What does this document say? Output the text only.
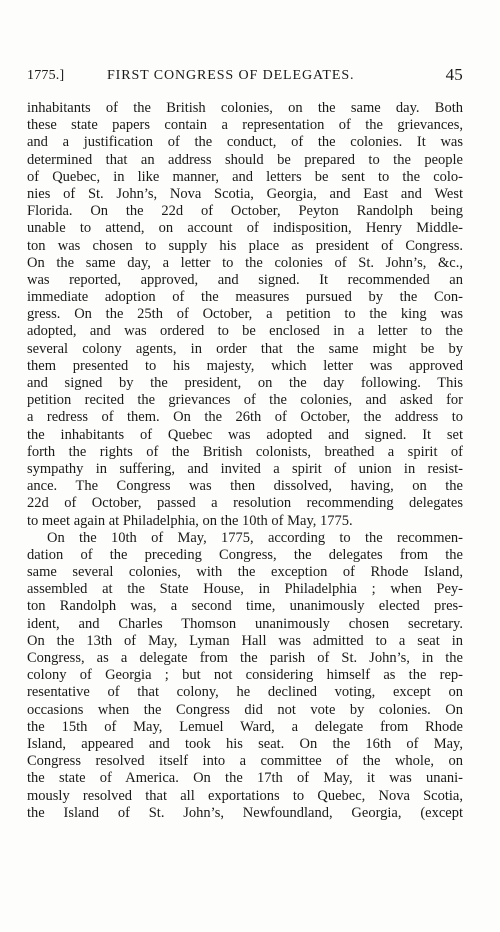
1775.]	FIRST CONGRESS OF DELEGATES.	45
inhabitants of the British colonies, on the same day. Both
these state papers contain a representation of the grievances,
and a justification of the conduct, of the colonies. It was
determined that an address should be prepared to the people
of Quebec, in like manner, and letters be sent to the colo-
nies of St. John’s, Nova Scotia, Georgia, and East and West
Florida. On the 22d of October, Peyton Randolph being
unable to attend, on account of indisposition, Henry Middle-
ton was chosen to supply his place as president of Congress.
On the same day, a letter to the colonies of St. John’s, &c.,
was reported, approved, and signed. It recommended an
immediate adoption of the measures pursued by the Con-
gress. On the 25th of October, a petition to the king was
adopted, and was ordered to be enclosed in a letter to the
several colony agents, in order that the same might be by
them presented to his majesty, which letter was approved
and signed by the president, on the day following. This
petition recited the grievances of the colonies, and asked for
a redress of them. On the 26th of October, the address to
the inhabitants of Quebec was adopted and signed. It set
forth the rights of the British colonists, breathed a spirit of
sympathy in suffering, and invited a spirit of union in resist-
ance. The Congress was then dissolved, having, on the
22d of October, passed a resolution recommending delegates
to meet again at Philadelphia, on the 10th of May, 1775.
On the 10th of May, 1775, according to the recommen-
dation of the preceding Congress, the delegates from the
same several colonies, with the exception of Rhode Island,
assembled at the State House, in Philadelphia ; when Pey-
ton Randolph was, a second time, unanimously elected pres-
ident, and Charles Thomson unanimously chosen secretary.
On the 13th of May, Lyman Hall was admitted to a seat in
Congress, as a delegate from the parish of St. John’s, in the
colony of Georgia ; but not considering himself as the rep-
resentative of that colony, he declined voting, except on
occasions when the Congress did not vote by colonies. On
the 15th of May, Lemuel Ward, a delegate from Rhode
Island, appeared and took his seat. On the 16th of May,
Congress resolved itself into a committee of the whole, on
the state of America. On the 17th of May, it was unani-
mously resolved that all exportations to Quebec, Nova Scotia,
the Island of St. John’s, Newfoundland, Georgia, (except
